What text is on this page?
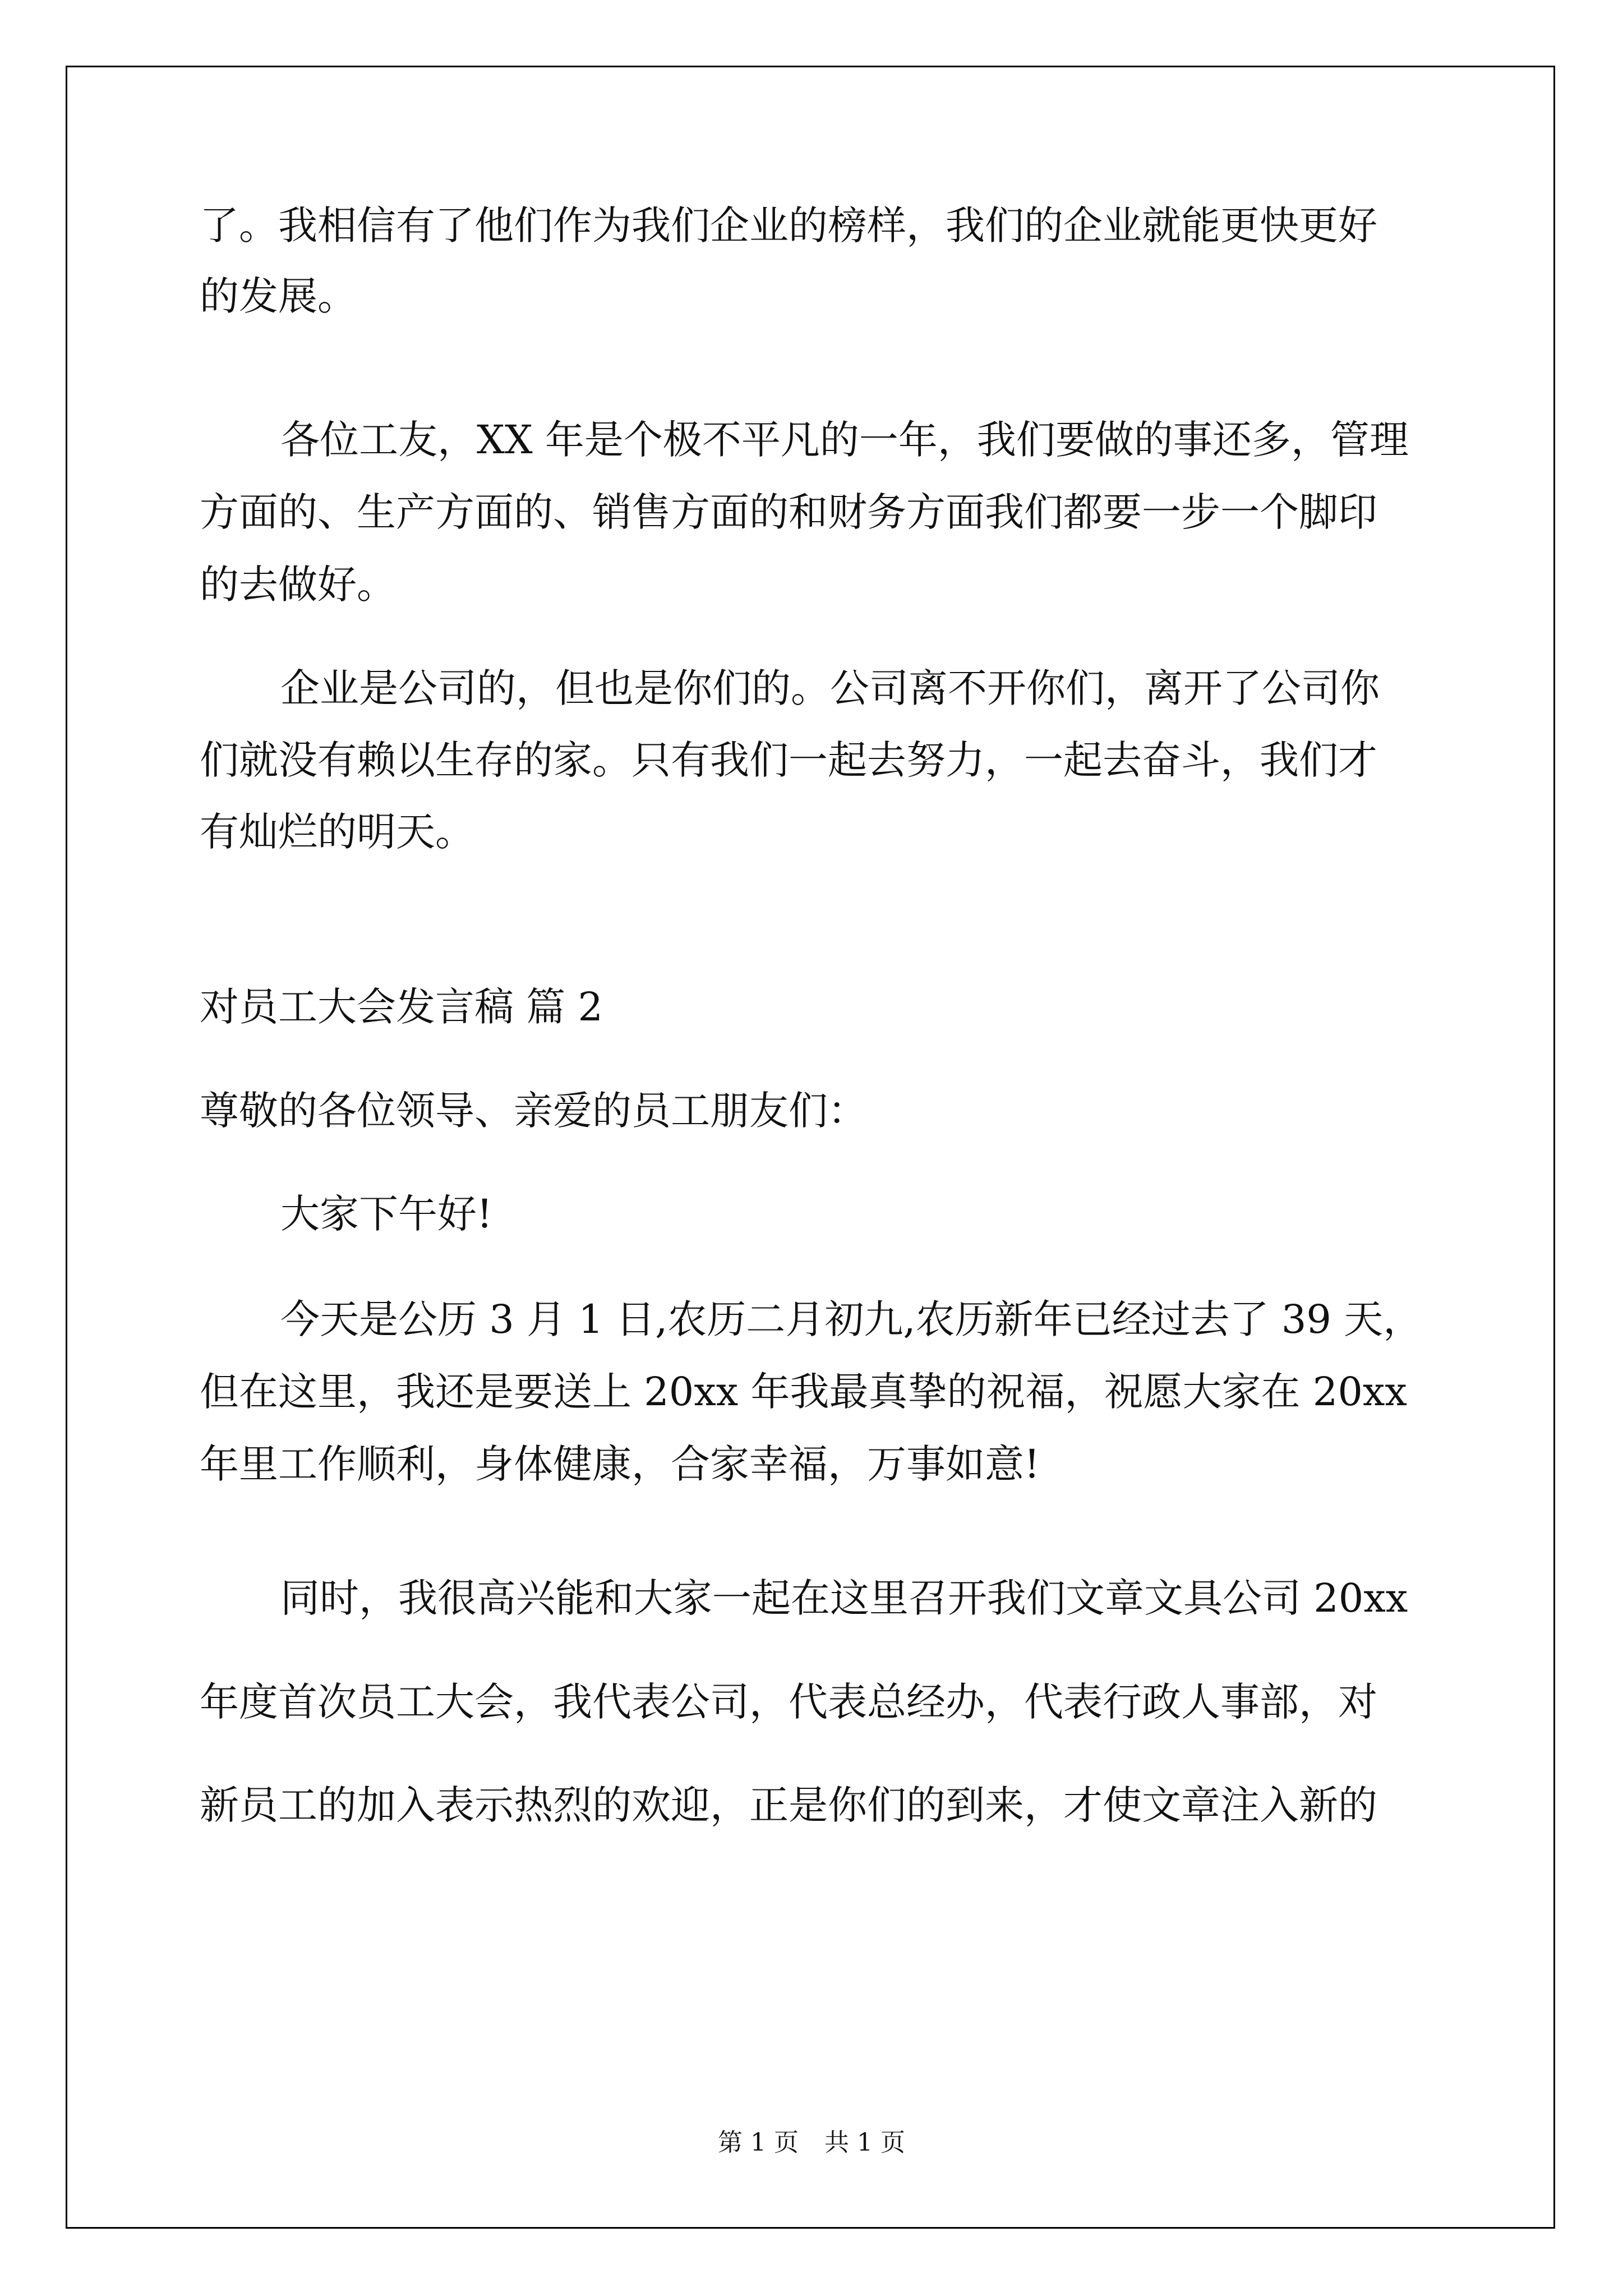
了。我相信有了他们作为我们企业的榜样，我们的企业就能更快更好
的发展。
各位工友，XX 年是个极不平凡的一年，我们要做的事还多，管理
方面的、生产方面的、销售方面的和财务方面我们都要一步一个脚印
的去做好。
企业是公司的，但也是你们的。公司离不开你们，离开了公司你
们就没有赖以生存的家。只有我们一起去努力，一起去奋斗，我们才
有灿烂的明天。
对员工大会发言稿 篇 2
尊敬的各位领导、亲爱的员工朋友们：
大家下午好!
今天是公历 3 月 1 日,农历二月初九,农历新年已经过去了 39 天，
但在这里，我还是要送上 20xx 年我最真挚的祝福，祝愿大家在 20xx
年里工作顺利，身体健康，合家幸福，万事如意!
同时，我很高兴能和大家一起在这里召开我们文章文具公司 20xx
年度首次员工大会，我代表公司，代表总经办，代表行政人事部，对
新员工的加入表示热烈的欢迎，正是你们的到来，才使文章注入新的
第 1 页 共 1 页
